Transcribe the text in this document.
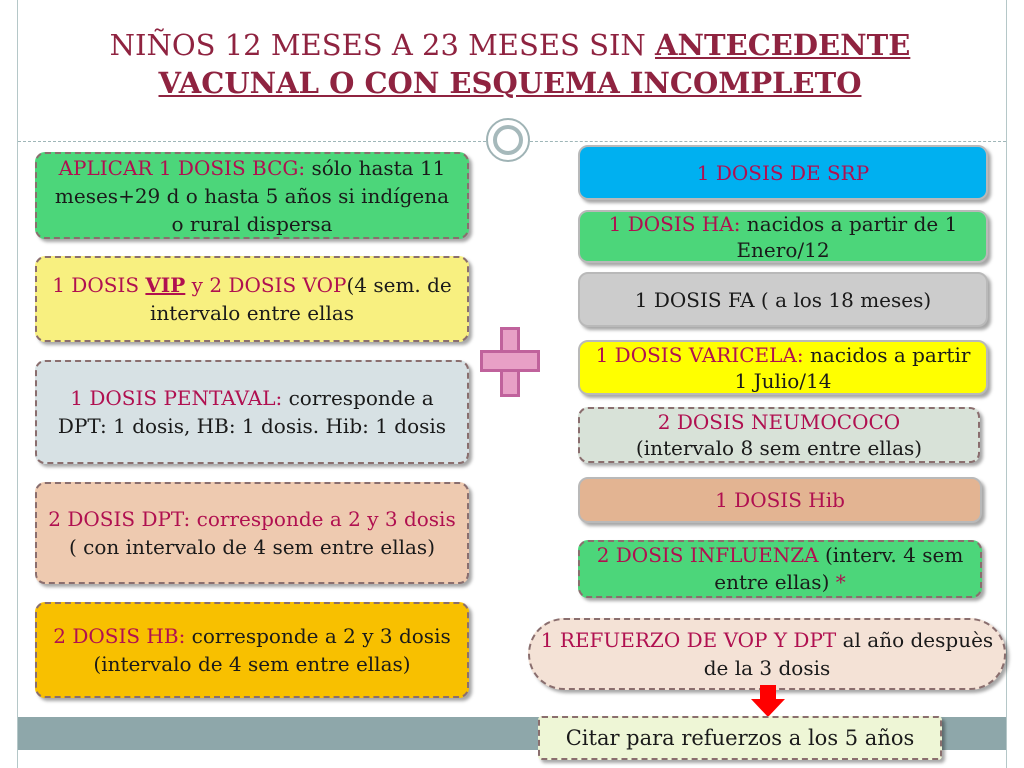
NIÑOS 12 MESES A 23 MESES SIN ANTECEDENTE
VACUNAL O CON ESQUEMA INCOMPLETO
APLICAR 1 DOSIS BCG: sólo hasta 11 meses+29 d o hasta 5 años si indígena o rural dispersa
1 DOSIS VIP y 2 DOSIS VOP(4 sem. de intervalo entre ellas
1 DOSIS PENTAVAL: corresponde a DPT: 1 dosis, HB: 1 dosis. Hib: 1 dosis
2 DOSIS DPT: corresponde a 2 y 3 dosis ( con intervalo de 4 sem entre ellas)
2 DOSIS HB: corresponde a 2 y 3 dosis (intervalo de 4 sem entre ellas)
1 DOSIS DE SRP
1 DOSIS HA: nacidos a partir de 1 Enero/12
1 DOSIS FA ( a los 18 meses)
1 DOSIS VARICELA: nacidos a partir 1 Julio/14
2 DOSIS NEUMOCOCO
(intervalo 8 sem entre ellas)
1 DOSIS Hib
2 DOSIS INFLUENZA (interv. 4 sem entre ellas) *
1 REFUERZO DE VOP Y DPT al año despuès de la 3 dosis
Citar para refuerzos a los 5 años
